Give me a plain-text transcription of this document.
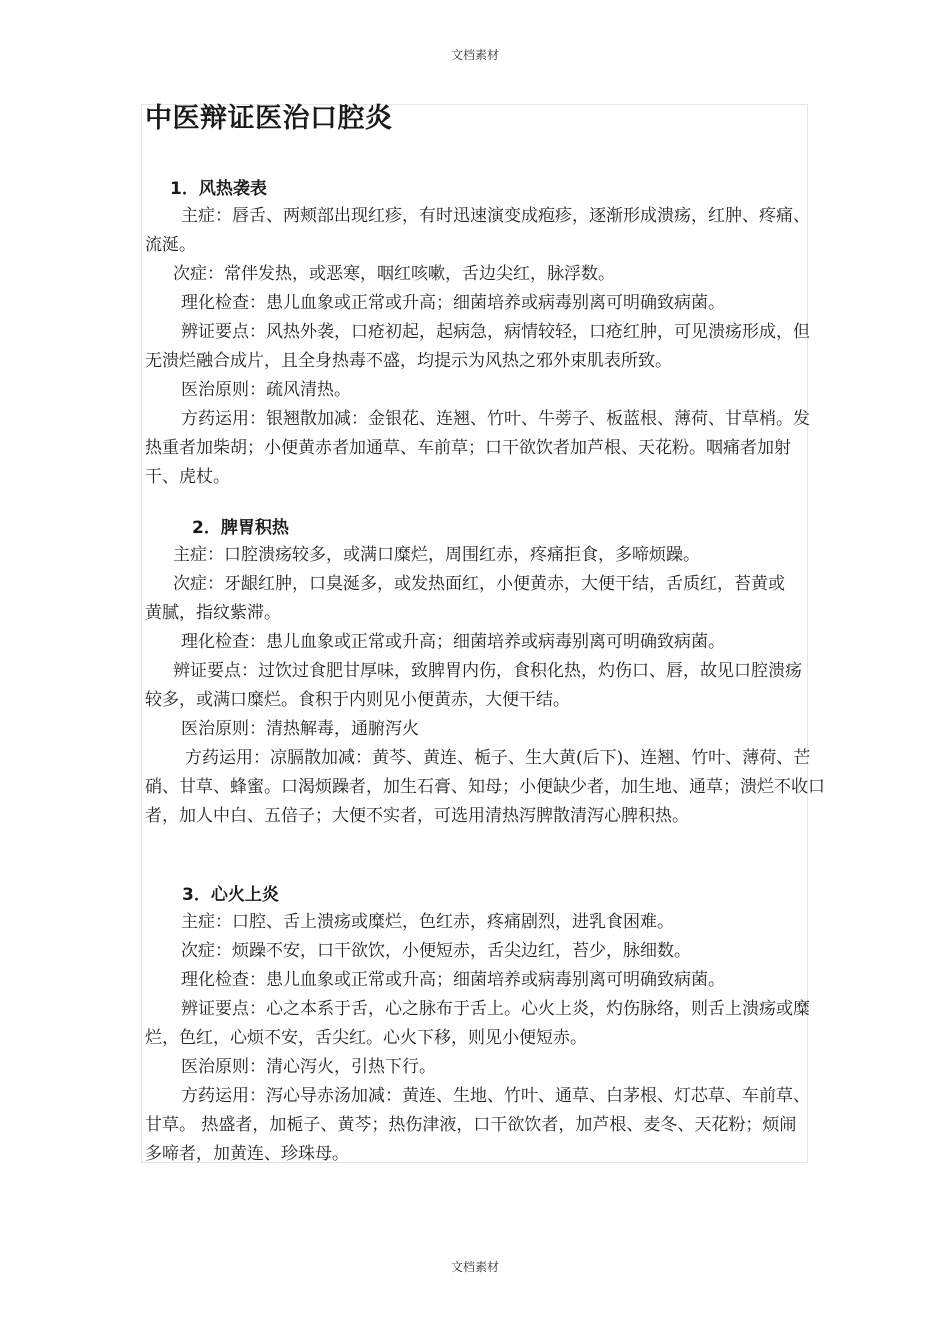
文档素材
中医辩证医治口腔炎
1．风热袭表

主症：唇舌、两颊部出现红疹，有时迅速演变成疱疹，逐渐形成溃疡，红肿、疼痛、流涎。

次症：常伴发热，或恶寒，咽红咳嗽，舌边尖红，脉浮数。

理化检查：患儿血象或正常或升高；细菌培养或病毒别离可明确致病菌。

辨证要点：风热外袭，口疮初起，起病急，病情较轻，口疮红肿，可见溃疡形成，但无溃烂融合成片，且全身热毒不盛，均提示为风热之邪外束肌表所致。

医治原则：疏风清热。

方药运用：银翘散加减：金银花、连翘、竹叶、牛蒡子、板蓝根、薄荷、甘草梢。发热重者加柴胡；小便黄赤者加通草、车前草；口干欲饮者加芦根、天花粉。咽痛者加射干、虎杖。

2．脾胃积热

主症：口腔溃疡较多，或满口糜烂，周围红赤，疼痛拒食，多啼烦躁。

次症：牙龈红肿，口臭涎多，或发热面红，小便黄赤，大便干结，舌质红，苔黄或黄腻，指纹紫滞。

理化检查：患儿血象或正常或升高；细菌培养或病毒别离可明确致病菌。

辨证要点：过饮过食肥甘厚味，致脾胃内伤，食积化热，灼伤口、唇，故见口腔溃疡较多，或满口糜烂。食积于内则见小便黄赤，大便干结。

医治原则：清热解毒，通腑泻火

方药运用：凉膈散加减：黄芩、黄连、栀子、生大黄(后下)、连翘、竹叶、薄荷、芒硝、甘草、蜂蜜。口渴烦躁者，加生石膏、知母；小便缺少者，加生地、通草；溃烂不收口者，加人中白、五倍子；大便不实者，可选用清热泻脾散清泻心脾积热。

3．心火上炎

主症：口腔、舌上溃疡或糜烂，色红赤，疼痛剧烈，进乳食困难。

次症：烦躁不安，口干欲饮，小便短赤，舌尖边红，苔少，脉细数。

理化检查：患儿血象或正常或升高；细菌培养或病毒别离可明确致病菌。

辨证要点：心之本系于舌，心之脉布于舌上。心火上炎，灼伤脉络，则舌上溃疡或糜烂，色红，心烦不安，舌尖红。心火下移，则见小便短赤。

医治原则：清心泻火，引热下行。

方药运用：泻心导赤汤加减：黄连、生地、竹叶、通草、白茅根、灯芯草、车前草、甘草。 热盛者，加栀子、黄芩；热伤津液，口干欲饮者，加芦根、麦冬、天花粉；烦闹多啼者，加黄连、珍珠母。

文档素材
